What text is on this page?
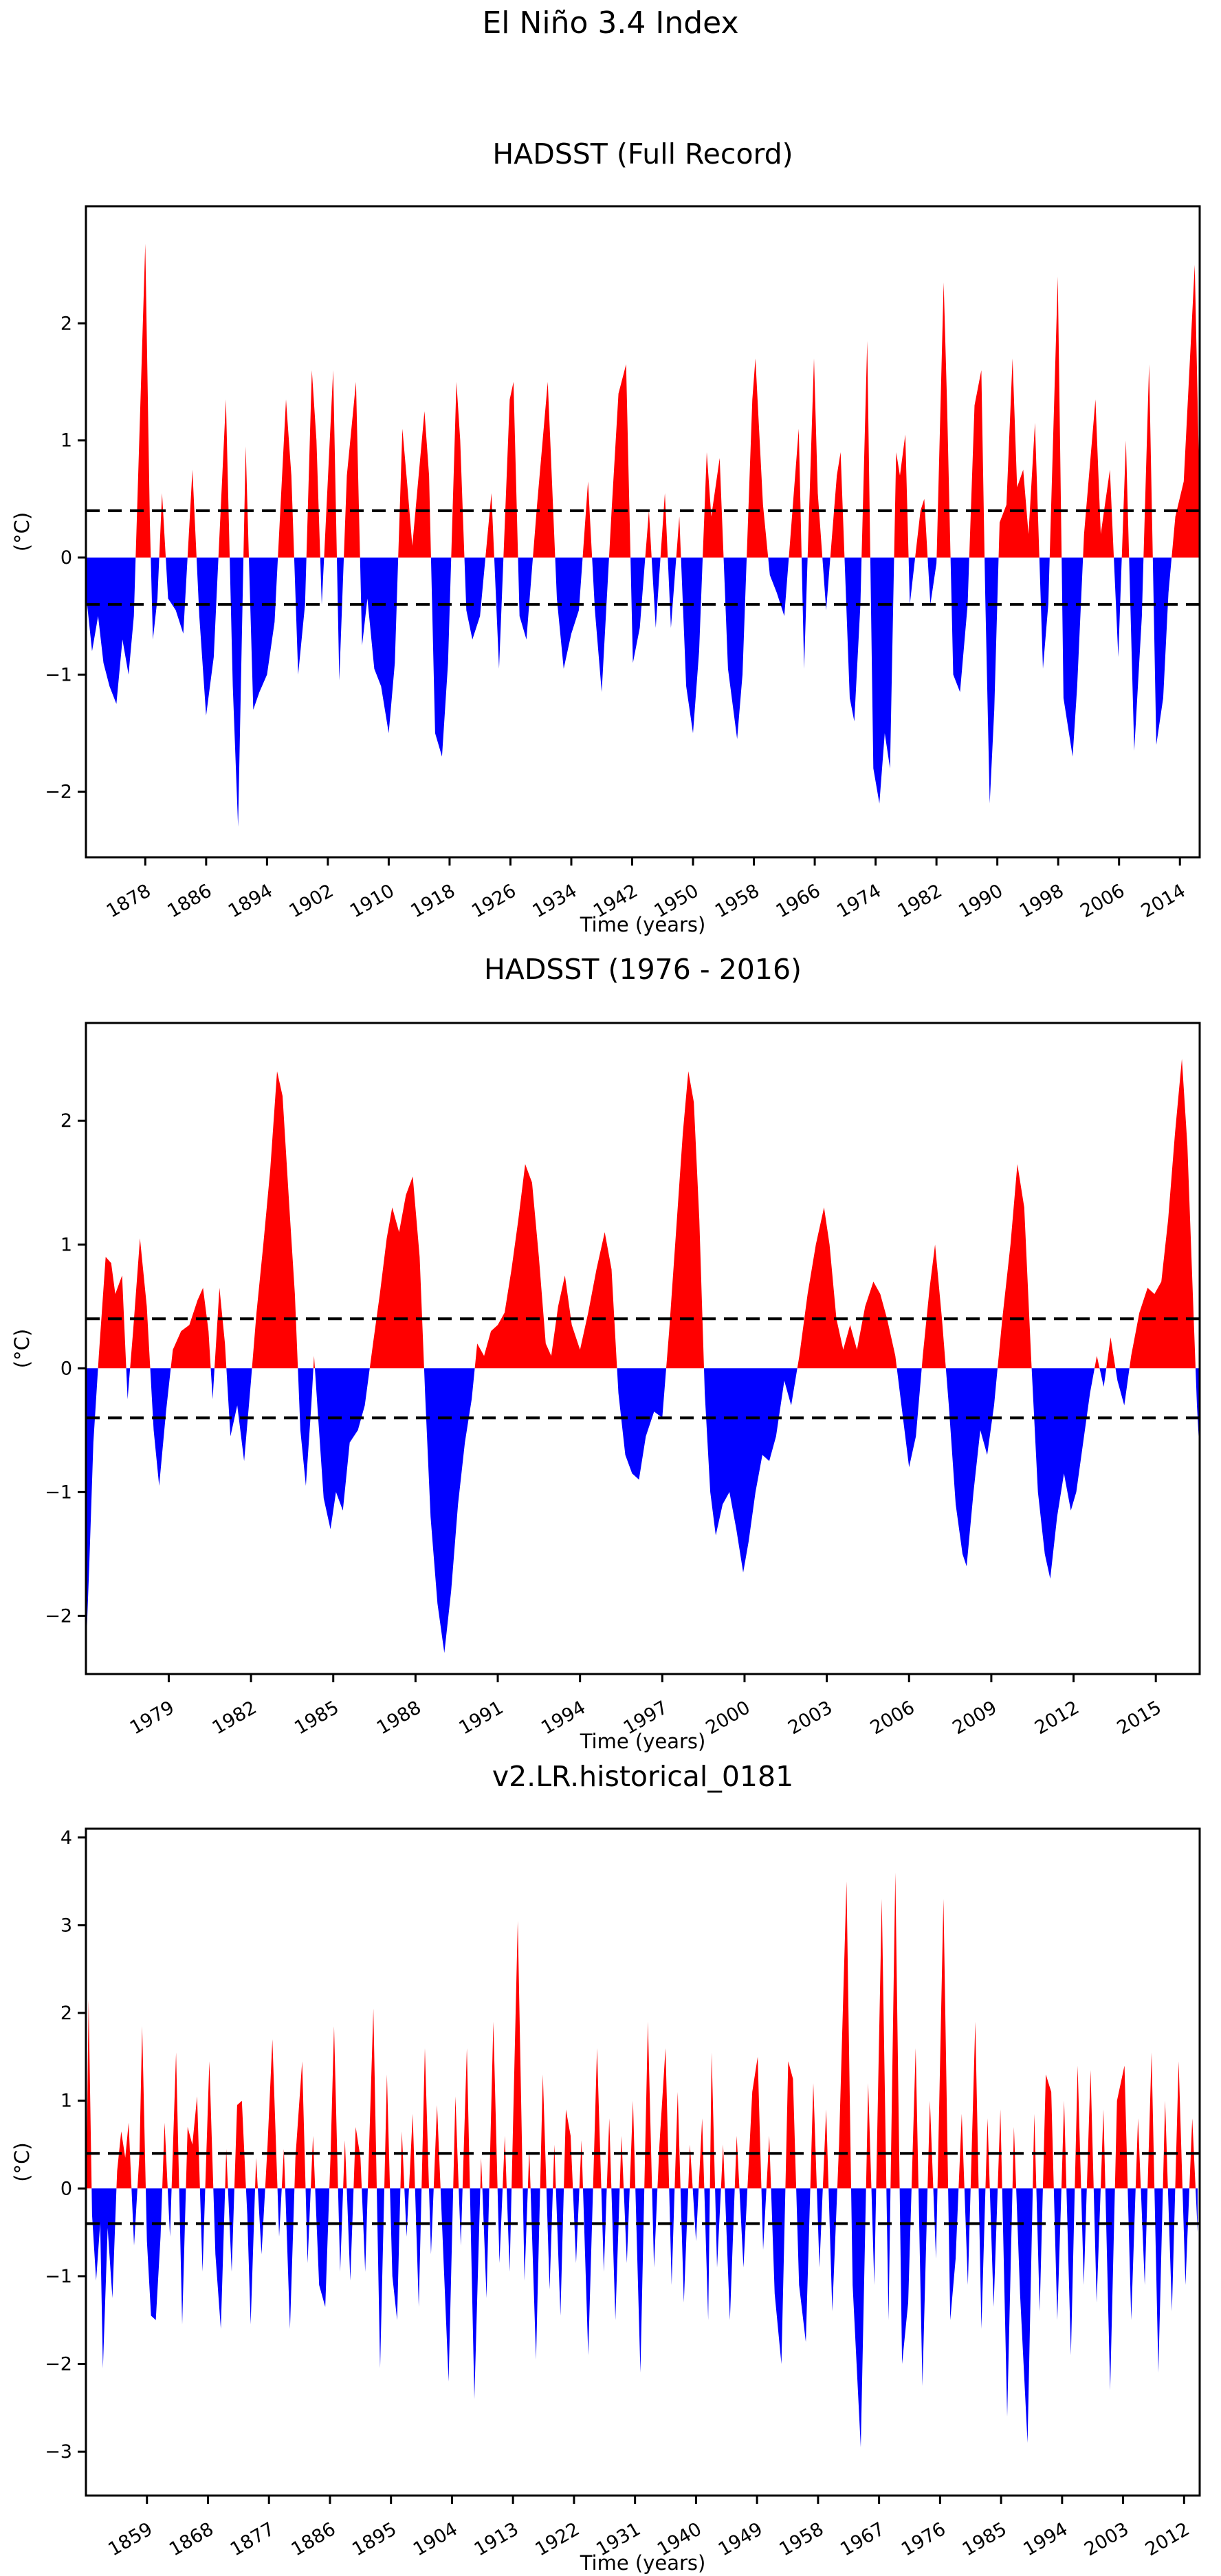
El Niño 3.4 Index
HADSST (Full Record)
HADSST (1976 - 2016)
v2.LR.historical_0181
−2
−1
0
1
2
1878 1886 1894 1902 1910 1918 1926 1934 1942 1950 1958 1966 1974 1982 1990 1998 2006 2014
Time (years)
(°C)
−2
−1
0
1
2
1979 1982 1985 1988 1991 1994 1997 2000 2003 2006 2009 2012 2015
Time (years)
(°C)
−3
−2
−1
0
1
2
3
4
1859 1868 1877 1886 1895 1904 1913 1922 1931 1940 1949 1958 1967 1976 1985 1994 2003 2012
Time (years)
(°C)
